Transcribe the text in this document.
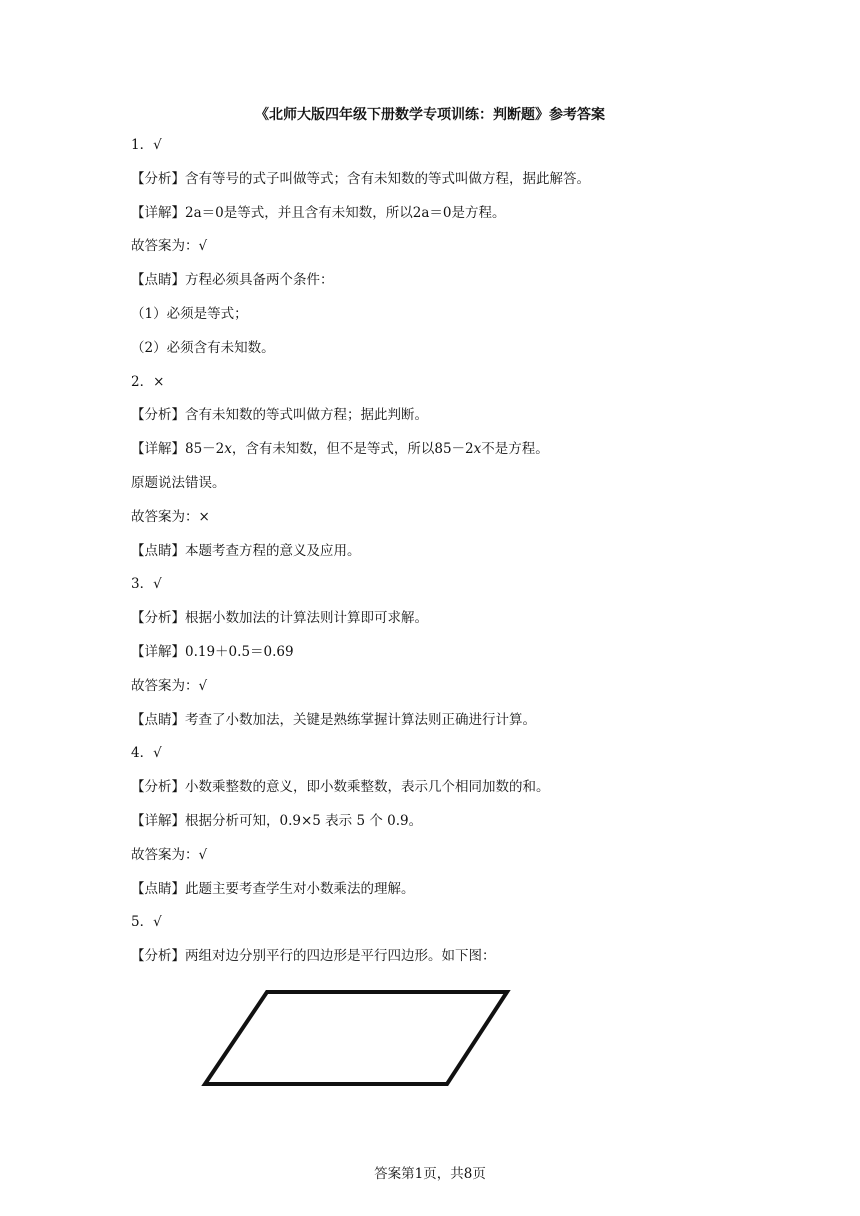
《北师大版四年级下册数学专项训练：判断题》参考答案
1．√
【分析】含有等号的式子叫做等式；含有未知数的等式叫做方程，据此解答。
【详解】2a＝0是等式，并且含有未知数，所以2a＝0是方程。
故答案为：√
【点睛】方程必须具备两个条件：
（1）必须是等式；
（2）必须含有未知数。
2．×
【分析】含有未知数的等式叫做方程；据此判断。
【详解】85－2𝑥，含有未知数，但不是等式，所以85－2𝑥不是方程。
原题说法错误。
故答案为：×
【点睛】本题考查方程的意义及应用。
3．√
【分析】根据小数加法的计算法则计算即可求解。
【详解】0.19＋0.5＝0.69
故答案为：√
【点睛】考查了小数加法，关键是熟练掌握计算法则正确进行计算。
4．√
【分析】小数乘整数的意义，即小数乘整数，表示几个相同加数的和。
【详解】根据分析可知，0.9×5 表示 5 个 0.9。
故答案为：√
【点睛】此题主要考查学生对小数乘法的理解。
5．√
【分析】两组对边分别平行的四边形是平行四边形。如下图：
答案第1页，共8页
